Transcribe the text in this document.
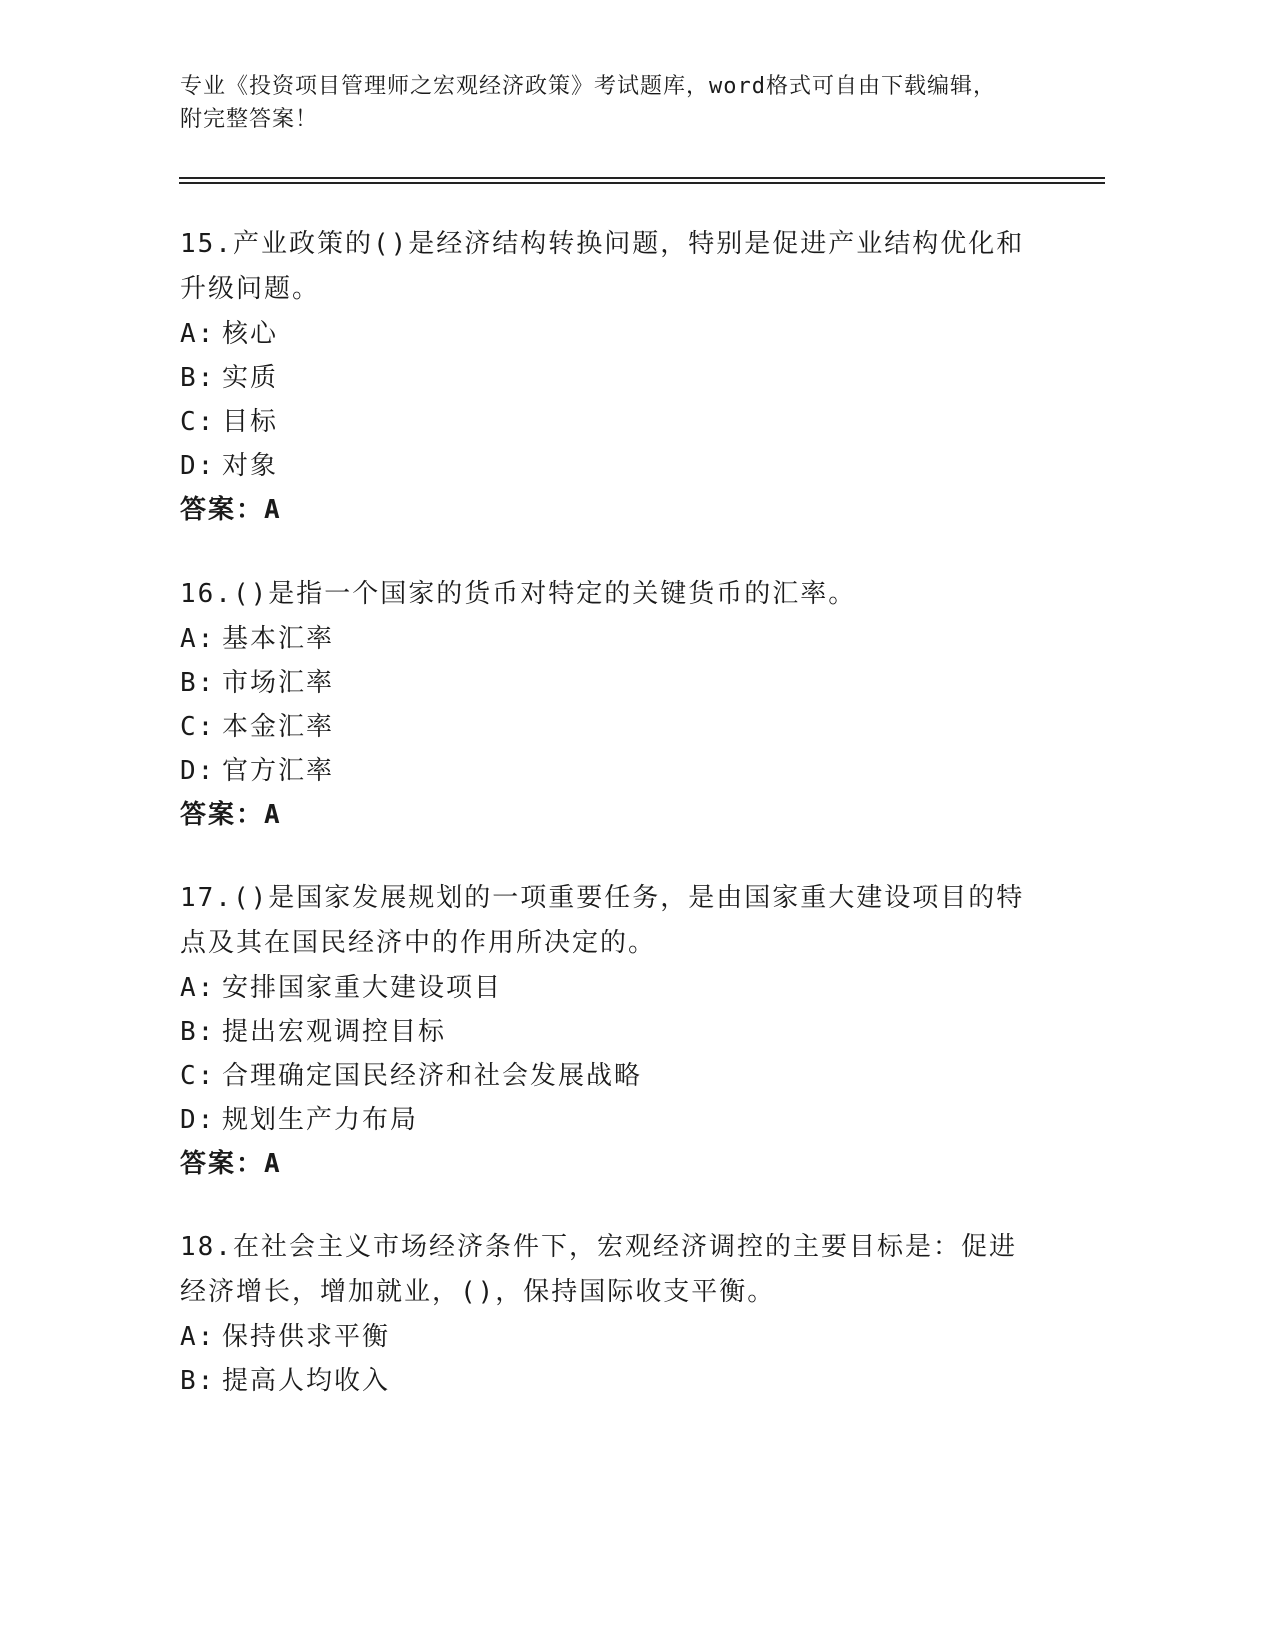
专业《投资项目管理师之宏观经济政策》考试题库，word格式可自由下载编辑，
附完整答案！

15.产业政策的()是经济结构转换问题，特别是促进产业结构优化和升级问题。

A: 核心

B: 实质

C: 目标

D: 对象

答案：A

16.()是指一个国家的货币对特定的关键货币的汇率。

A: 基本汇率

B: 市场汇率

C: 本金汇率

D: 官方汇率

答案：A

17.()是国家发展规划的一项重要任务，是由国家重大建设项目的特点及其在国民经济中的作用所决定的。

A: 安排国家重大建设项目

B: 提出宏观调控目标

C: 合理确定国民经济和社会发展战略

D: 规划生产力布局

答案：A

18.在社会主义市场经济条件下，宏观经济调控的主要目标是：促进经济增长，增加就业，()，保持国际收支平衡。

A: 保持供求平衡

B: 提高人均收入
